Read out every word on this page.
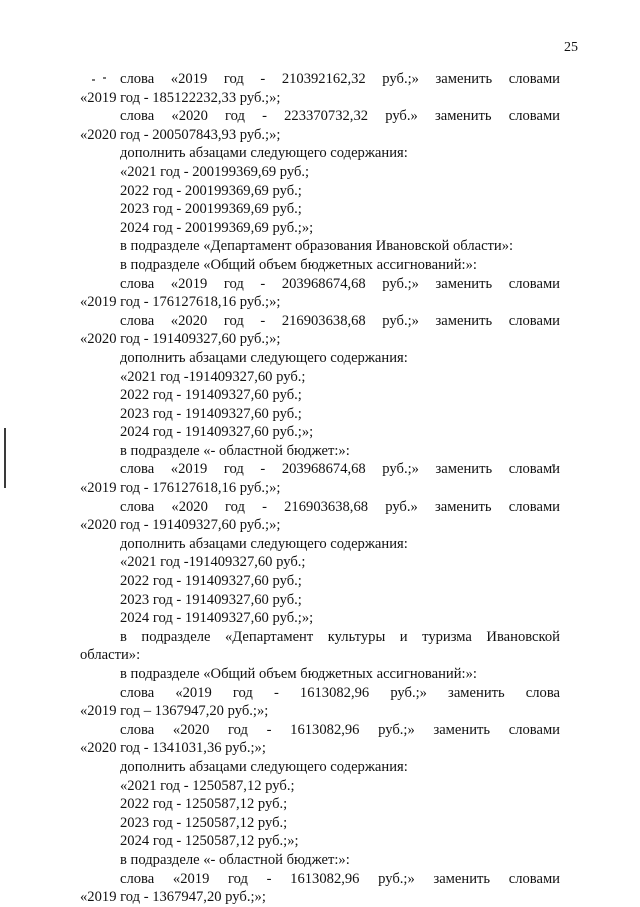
25
слова «2019 год - 210392162,32 руб.;» заменить словами
«2019 год - 185122232,33 руб.;»;
слова «2020 год - 223370732,32 руб.» заменить словами
«2020 год - 200507843,93 руб.;»;
дополнить абзацами следующего содержания:
«2021 год - 200199369,69 руб.;
2022 год - 200199369,69 руб.;
2023 год - 200199369,69 руб.;
2024 год - 200199369,69 руб.;»;
в подразделе «Департамент образования Ивановской области»:
в подразделе «Общий объем бюджетных ассигнований:»:
слова «2019 год - 203968674,68 руб.;» заменить словами
«2019 год - 176127618,16 руб.;»;
слова «2020 год - 216903638,68 руб.;» заменить словами
«2020 год - 191409327,60 руб.;»;
дополнить абзацами следующего содержания:
«2021 год -191409327,60 руб.;
2022 год - 191409327,60 руб.;
2023 год - 191409327,60 руб.;
2024 год - 191409327,60 руб.;»;
в подразделе «- областной бюджет:»:
слова «2019 год - 203968674,68 руб.;» заменить словами
«2019 год - 176127618,16 руб.;»;
слова «2020 год - 216903638,68 руб.» заменить словами
«2020 год - 191409327,60 руб.;»;
дополнить абзацами следующего содержания:
«2021 год -191409327,60 руб.;
2022 год - 191409327,60 руб.;
2023 год - 191409327,60 руб.;
2024 год - 191409327,60 руб.;»;
в подразделе «Департамент культуры и туризма Ивановской
области»:
в подразделе «Общий объем бюджетных ассигнований:»:
слова «2019 год - 1613082,96 руб.;» заменить слова
«2019 год – 1367947,20 руб.;»;
слова «2020 год - 1613082,96 руб.;» заменить словами
«2020 год - 1341031,36 руб.;»;
дополнить абзацами следующего содержания:
«2021 год - 1250587,12 руб.;
2022 год - 1250587,12 руб.;
2023 год - 1250587,12 руб.;
2024 год - 1250587,12 руб.;»;
в подразделе «- областной бюджет:»:
слова «2019 год - 1613082,96 руб.;» заменить словами
«2019 год - 1367947,20 руб.;»;
